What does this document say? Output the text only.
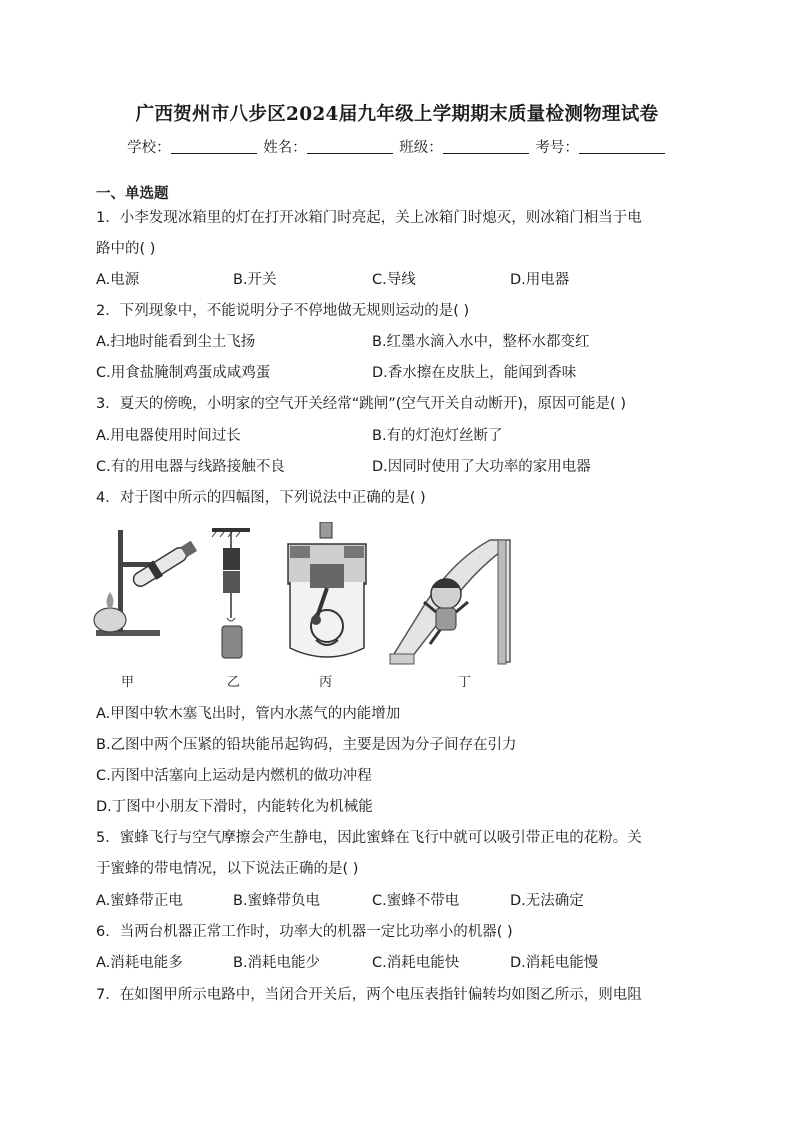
广西贺州市八步区2024届九年级上学期期末质量检测物理试卷
学校：	姓名：	班级：	考号：
一、单选题
1．小李发现冰箱里的灯在打开冰箱门时亮起，关上冰箱门时熄灭，则冰箱门相当于电
路中的( )
A.电源	B.开关	C.导线	D.用电器
2．下列现象中，不能说明分子不停地做无规则运动的是( )
A.扫地时能看到尘土飞扬	B.红墨水滴入水中，整杯水都变红
C.用食盐腌制鸡蛋成咸鸡蛋	D.香水擦在皮肤上，能闻到香味
3．夏天的傍晚，小明家的空气开关经常“跳闸”(空气开关自动断开)，原因可能是( )
A.用电器使用时间过长	B.有的灯泡灯丝断了
C.有的用电器与线路接触不良	D.因同时使用了大功率的家用电器
4．对于图中所示的四幅图，下列说法中正确的是( )
甲	乙	丙	丁
A.甲图中软木塞飞出时，管内水蒸气的内能增加
B.乙图中两个压紧的铅块能吊起钩码，主要是因为分子间存在引力
C.丙图中活塞向上运动是内燃机的做功冲程
D.丁图中小朋友下滑时，内能转化为机械能
5．蜜蜂飞行与空气摩擦会产生静电，因此蜜蜂在飞行中就可以吸引带正电的花粉。关
于蜜蜂的带电情况，以下说法正确的是( )
A.蜜蜂带正电	B.蜜蜂带负电	C.蜜蜂不带电	D.无法确定
6．当两台机器正常工作时，功率大的机器一定比功率小的机器( )
A.消耗电能多	B.消耗电能少	C.消耗电能快	D.消耗电能慢
7．在如图甲所示电路中，当闭合开关后，两个电压表指针偏转均如图乙所示，则电阻
